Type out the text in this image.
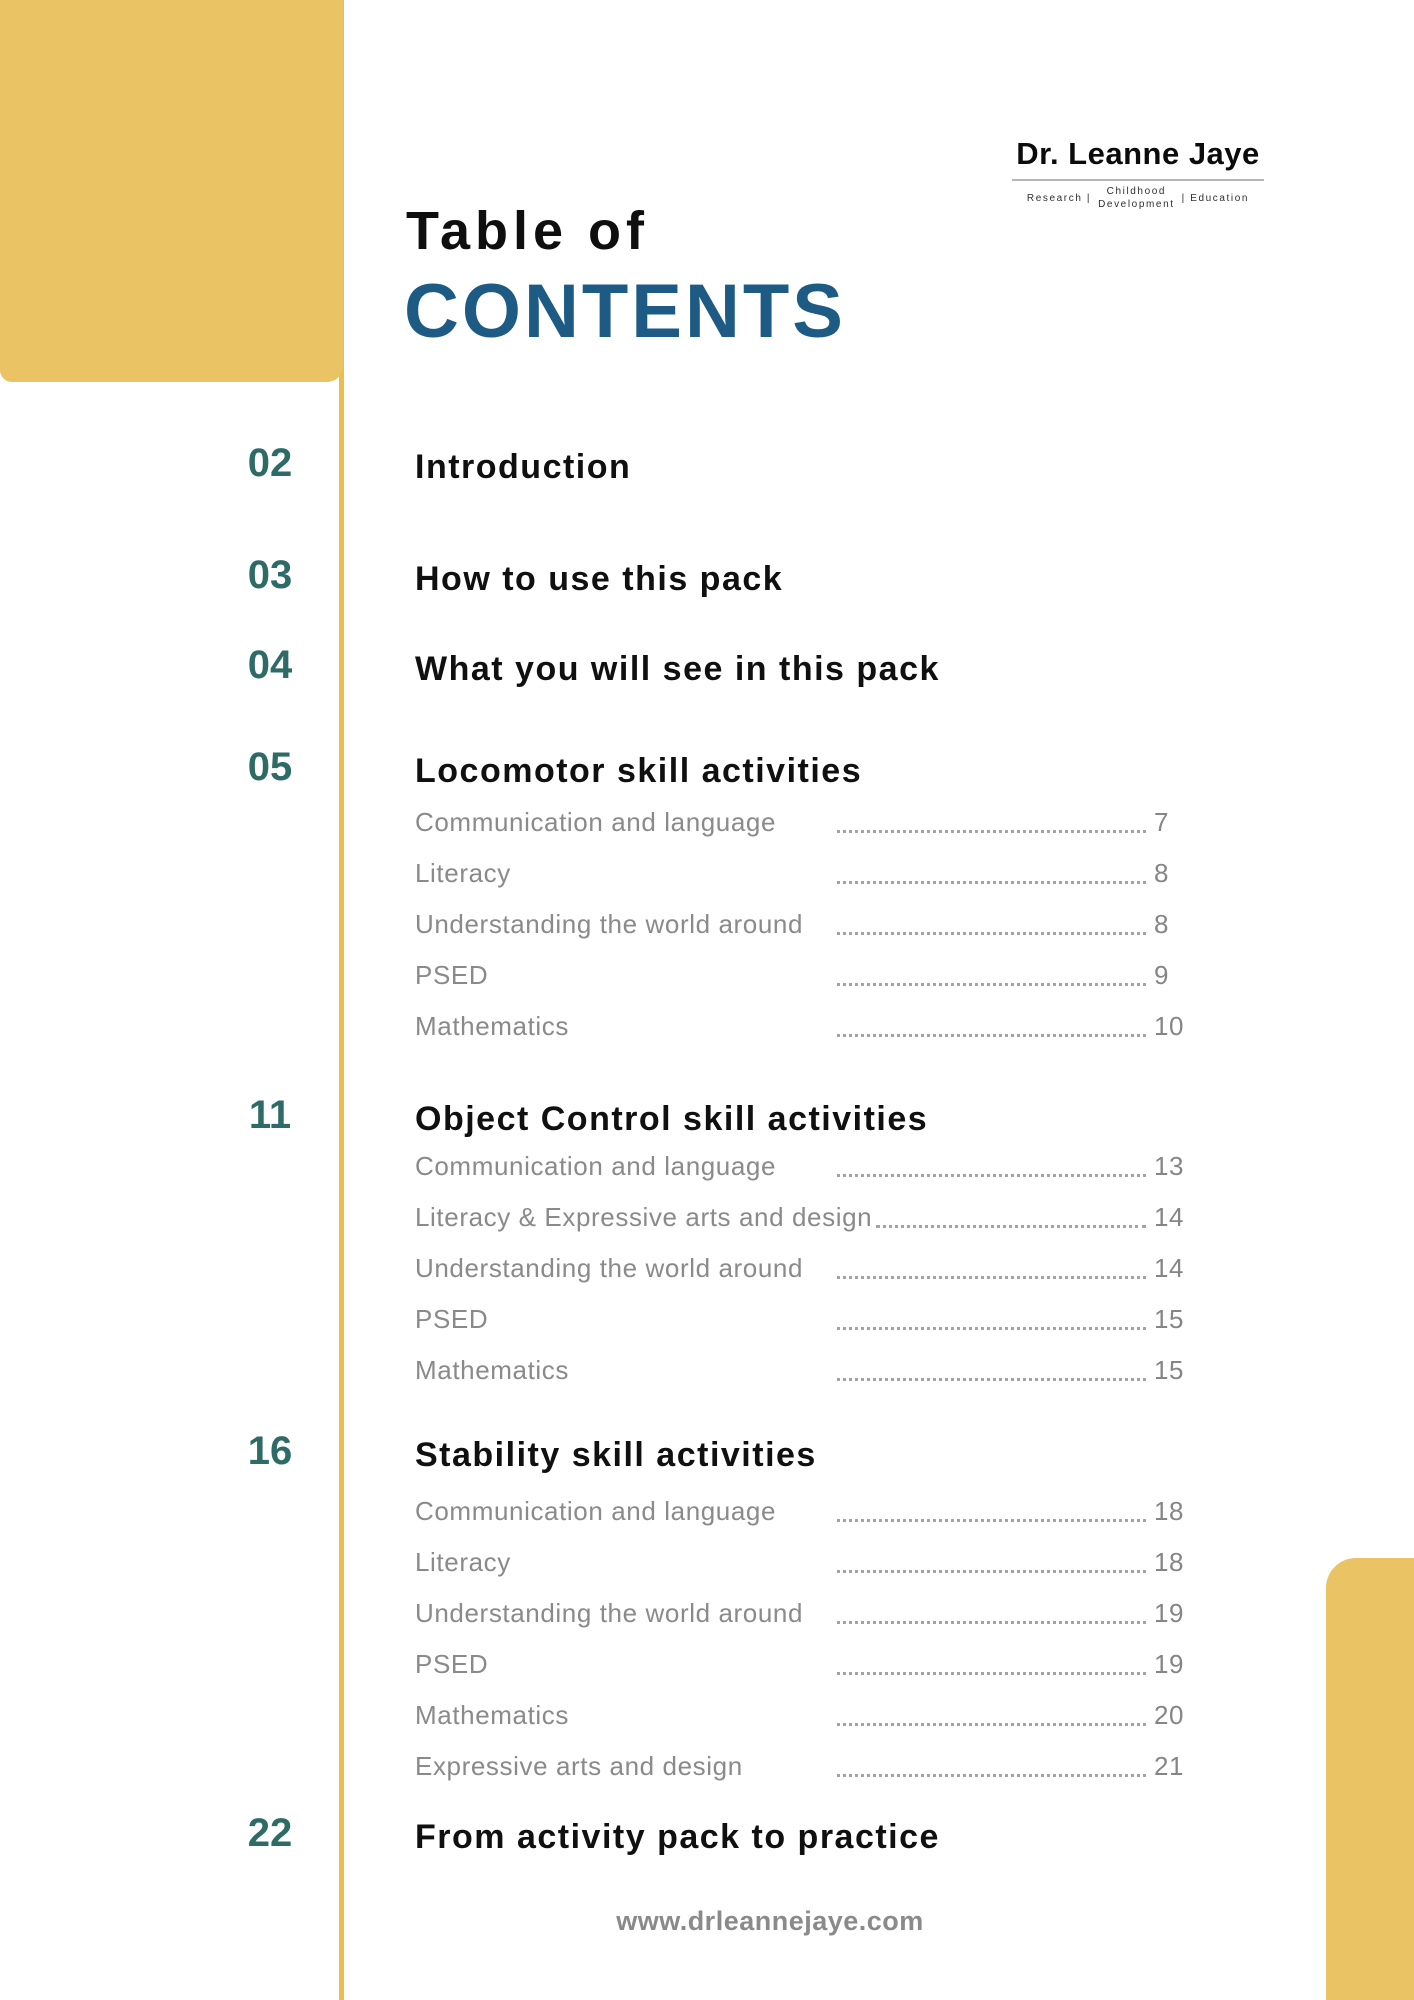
Dr. Leanne Jaye
Research |
Childhood
Development | Education
Table of
CONTENTS
02	Introduction
03	How to use this pack
04	What you will see in this pack
05	Locomotor skill activities
Communication and language	7
Literacy	8
Understanding the world around	8
PSED	9
Mathematics	10
11	Object Control skill activities
Communication and language	13
Literacy & Expressive arts and design	14
Understanding the world around	14
PSED	15
Mathematics	15
16	Stability skill activities
Communication and language	18
Literacy	18
Understanding the world around	19
PSED	19
Mathematics	20
Expressive arts and design	21
22	From activity pack to practice
www.drleannejaye.com
